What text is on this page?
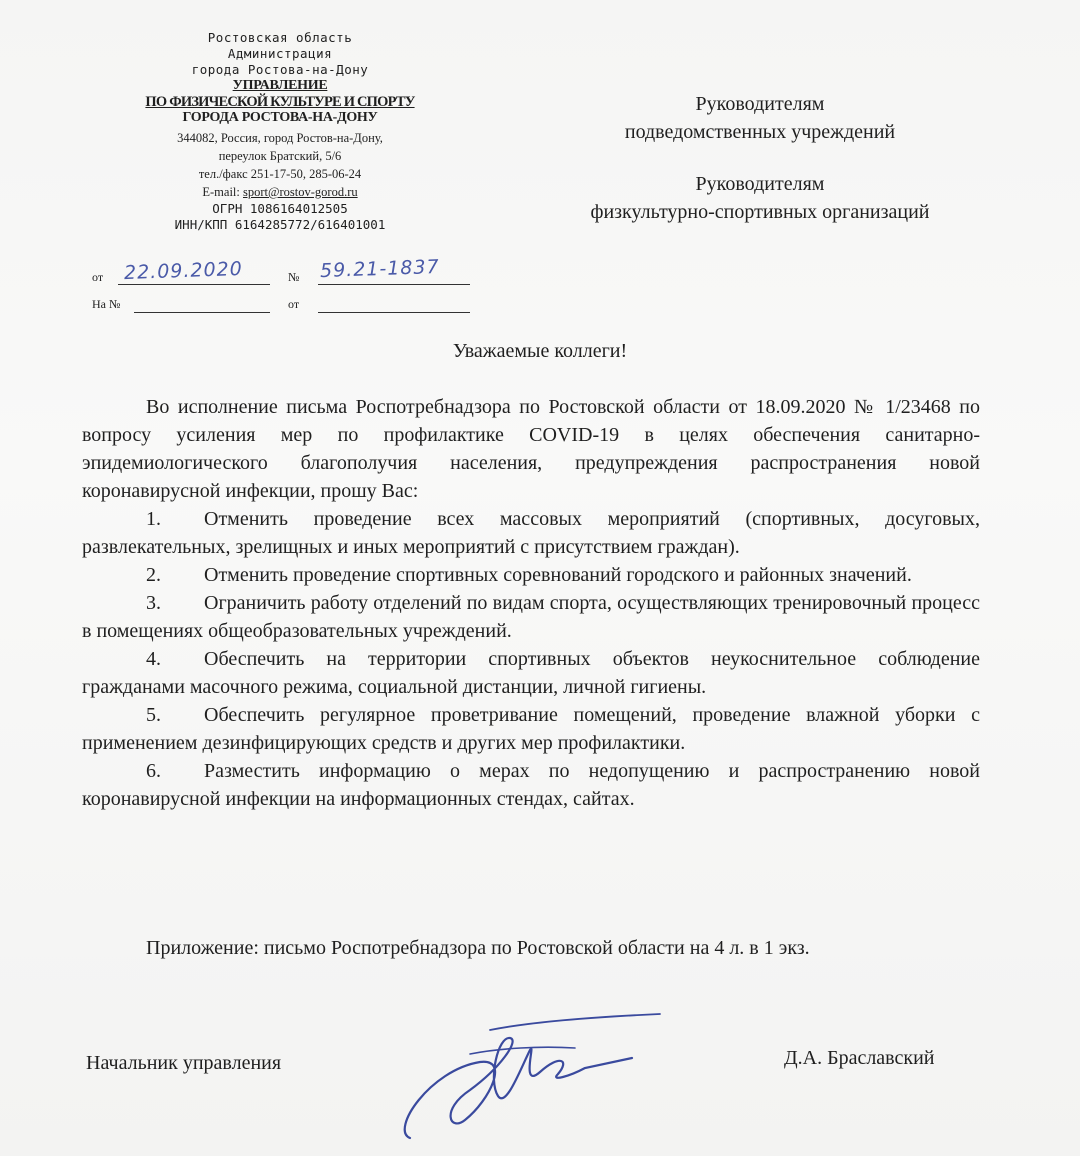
Ростовская область
Администрация
города Ростова-на-Дону
УПРАВЛЕНИЕ
ПО ФИЗИЧЕСКОЙ КУЛЬТУРЕ И СПОРТУ
ГОРОДА РОСТОВА-НА-ДОНУ
344082, Россия, город Ростов-на-Дону,
переулок Братский, 5/6
тел./факс 251-17-50, 285-06-24
E-mail: sport@rostov-gorod.ru
ОГРН 1086164012505
ИНН/КПП 6164285772/616401001
от 22.09.2020	№ 59.21-1837
На №	от
Руководителям
подведомственных учреждений
Руководителям
физкультурно-спортивных организаций
Уважаемые коллеги!

Во исполнение письма Роспотребнадзора по Ростовской области от 18.09.2020 № 1/23468 по вопросу усиления мер по профилактике COVID-19 в целях обеспечения санитарно-эпидемиологического благополучия населения, предупреждения распространения новой коронавирусной инфекции, прошу Вас:

1. Отменить проведение всех массовых мероприятий (спортивных, досуговых, развлекательных, зрелищных и иных мероприятий с присутствием граждан).

2. Отменить проведение спортивных соревнований городского и районных значений.

3. Ограничить работу отделений по видам спорта, осуществляющих тренировочный процесс в помещениях общеобразовательных учреждений.

4. Обеспечить на территории спортивных объектов неукоснительное соблюдение гражданами масочного режима, социальной дистанции, личной гигиены.

5. Обеспечить регулярное проветривание помещений, проведение влажной уборки с применением дезинфицирующих средств и других мер профилактики.

6. Разместить информацию о мерах по недопущению и распространению новой коронавирусной инфекции на информационных стендах, сайтах.

Приложение: письмо Роспотребнадзора по Ростовской области на 4 л. в 1 экз.
Начальник управления	Д.А. Браславский
